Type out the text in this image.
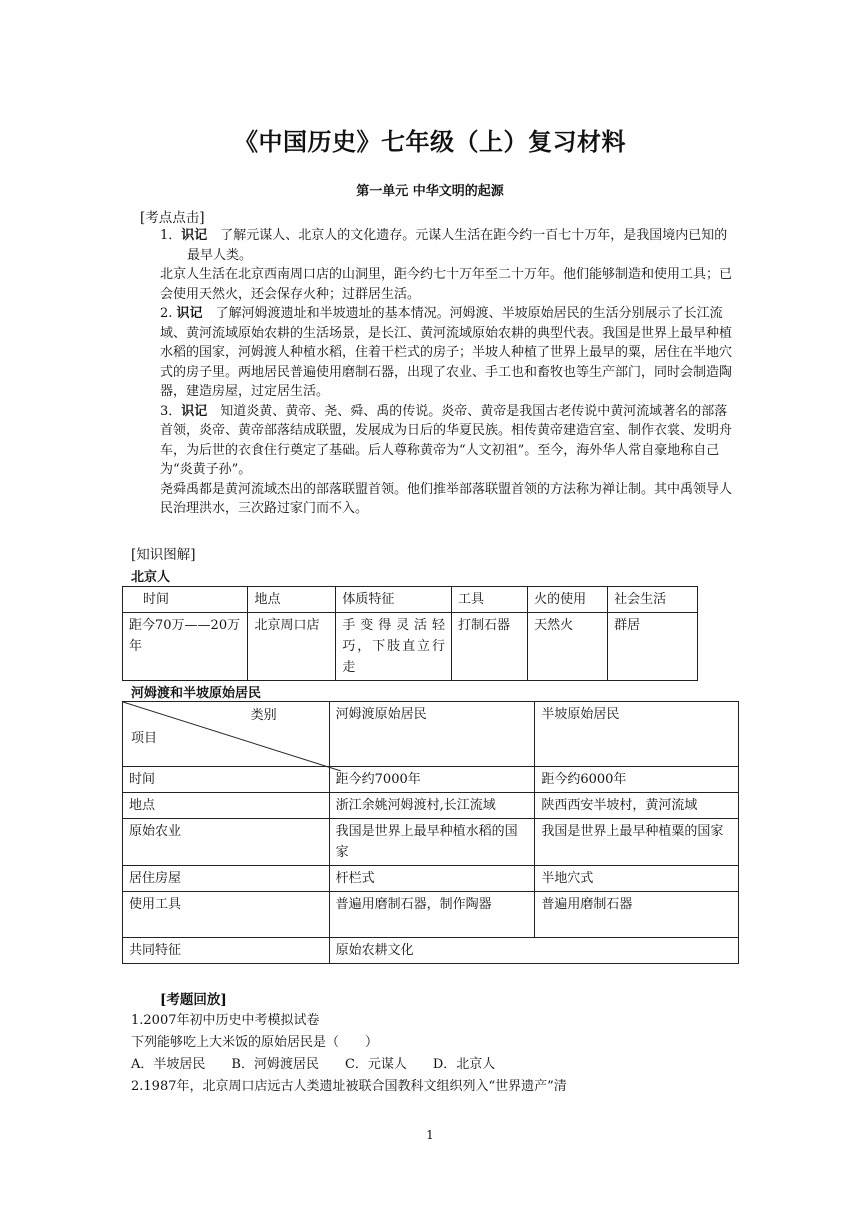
《中国历史》七年级（上）复习材料
第一单元 中华文明的起源
[考点点击]

1．识记　了解元谋人、北京人的文化遗存。元谋人生活在距今约一百七十万年，是我国境内已知的最早人类。

北京人生活在北京西南周口店的山洞里，距今约七十万年至二十万年。他们能够制造和使用工具；已会使用天然火，还会保存火种；过群居生活。

2. 识记　了解河姆渡遗址和半坡遗址的基本情况。河姆渡、半坡原始居民的生活分别展示了长江流域、黄河流域原始农耕的生活场景，是长江、黄河流域原始农耕的典型代表。我国是世界上最早种植水稻的国家，河姆渡人种植水稻，住着干栏式的房子；半坡人种植了世界上最早的粟，居住在半地穴式的房子里。两地居民普遍使用磨制石器，出现了农业、手工也和畜牧也等生产部门，同时会制造陶器，建造房屋，过定居生活。

3．识记　知道炎黄、黄帝、尧、舜、禹的传说。炎帝、黄帝是我国古老传说中黄河流域著名的部落首领，炎帝、黄帝部落结成联盟，发展成为日后的华夏民族。相传黄帝建造宫室、制作衣裳、发明舟车，为后世的衣食住行奠定了基础。后人尊称黄帝为“人文初祖”。至今，海外华人常自豪地称自己为“炎黄子孙”。

尧舜禹都是黄河流域杰出的部落联盟首领。他们推举部落联盟首领的方法称为禅让制。其中禹领导人民治理洪水，三次路过家门而不入。

[知识图解]
北京人
时间	地点	体质特征	工具	火的使用	社会生活
距今70万——20万年	北京周口店	手变得灵活轻巧，下肢直立行走	打制石器	天然火	群居
河姆渡和半坡原始居民
类别
项目	河姆渡原始居民	半坡原始居民
时间	距今约7000年	距今约6000年
地点	浙江余姚河姆渡村,长江流域	陕西西安半坡村，黄河流域
原始农业	我国是世界上最早种植水稻的国家	我国是世界上最早种植粟的国家
居住房屋	杆栏式	半地穴式
使用工具	普遍用磨制石器，制作陶器	普遍用磨制石器
共同特征	原始农耕文化	
[考题回放]

1.2007年初中历史中考模拟试卷

下列能够吃上大米饭的原始居民是（　　）

A．半坡居民　　B．河姆渡居民　　C．元谋人　　D．北京人

2.1987年，北京周口店远古人类遗址被联合国教科文组织列入“世界遗产”清

1
